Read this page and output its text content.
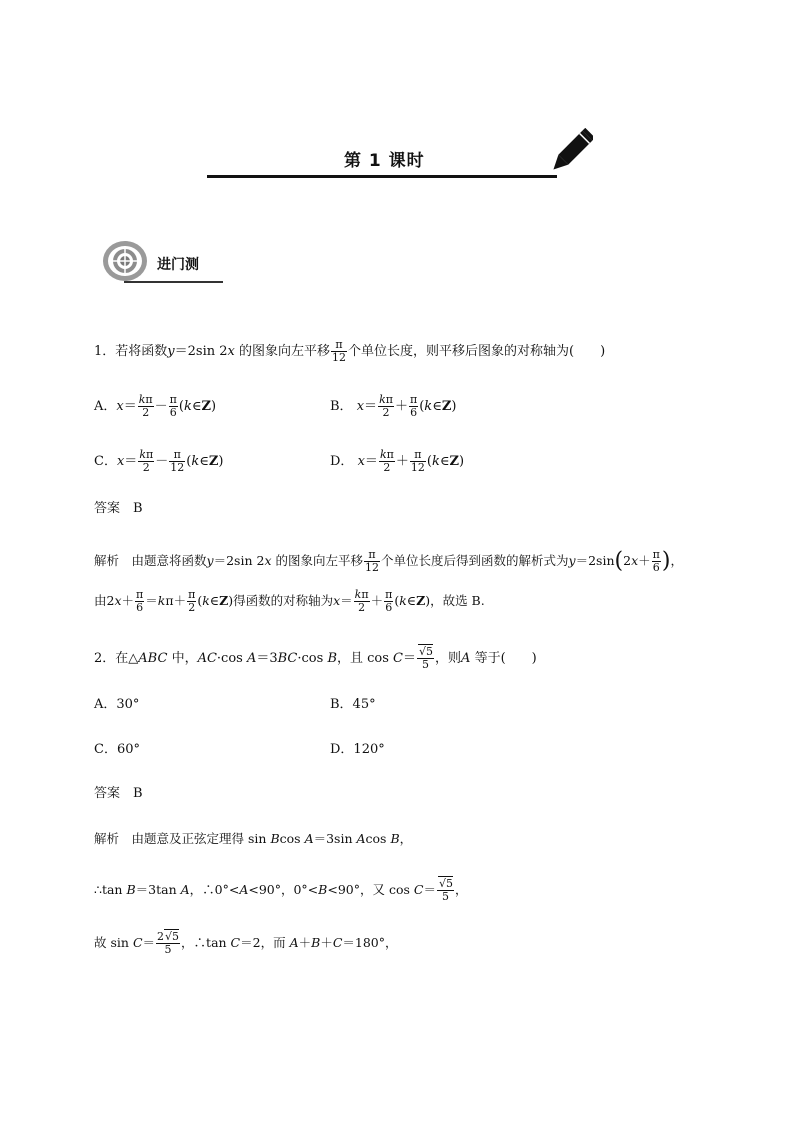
第 1 课时
进门测
1．若将函数y＝2sin 2x 的图象向左平移 $\frac{\pi}{12}$ 个单位长度，则平移后图象的对称轴为(　　)
A．$x= \frac{k\pi}{2} - \frac{\pi}{6}$ (k∈Z)	B． $x= \frac{k\pi}{2} + \frac{\pi}{6}$ (k∈Z)
C．$x= \frac{k\pi}{2} - \frac{\pi}{12}$ (k∈Z)	D． $x= \frac{k\pi}{2} + \frac{\pi}{12}$ (k∈Z)
答案　 B
解析　 由题意将函数y＝2sin 2x 的图象向左平移 $\frac{\pi}{12}$ 个单位长度后得到函数的解析式为$y=2\sin(2x+ \frac{\pi}{6}$ )，
由$2x+ \frac{\pi}{6} =k\pi+ \frac{\pi}{2}$ (k∈Z)得函数的对称轴为$x= \frac{k\pi}{2} + \frac{\pi}{6}$ (k∈Z)，故选 B.
2．在△ABC 中，AC·cos A＝3BC·cos B，且 $\cos C= \frac{√5}{5}$ ，则A 等于(　　)
A．30°	B．45°
C．60°	D．120°
答案　 B
解析　 由题意及正弦定理得 sin Bcos A＝3sin Acos B，
∴tan B＝3tan A，∴0°<A<90°，0°<B<90°，又 $\cos C= \frac{√5}{5}$ ，
故 $\sin C= \frac{2√5}{5}$ ，∴tan C＝2，而 A＋B＋C＝180°，
